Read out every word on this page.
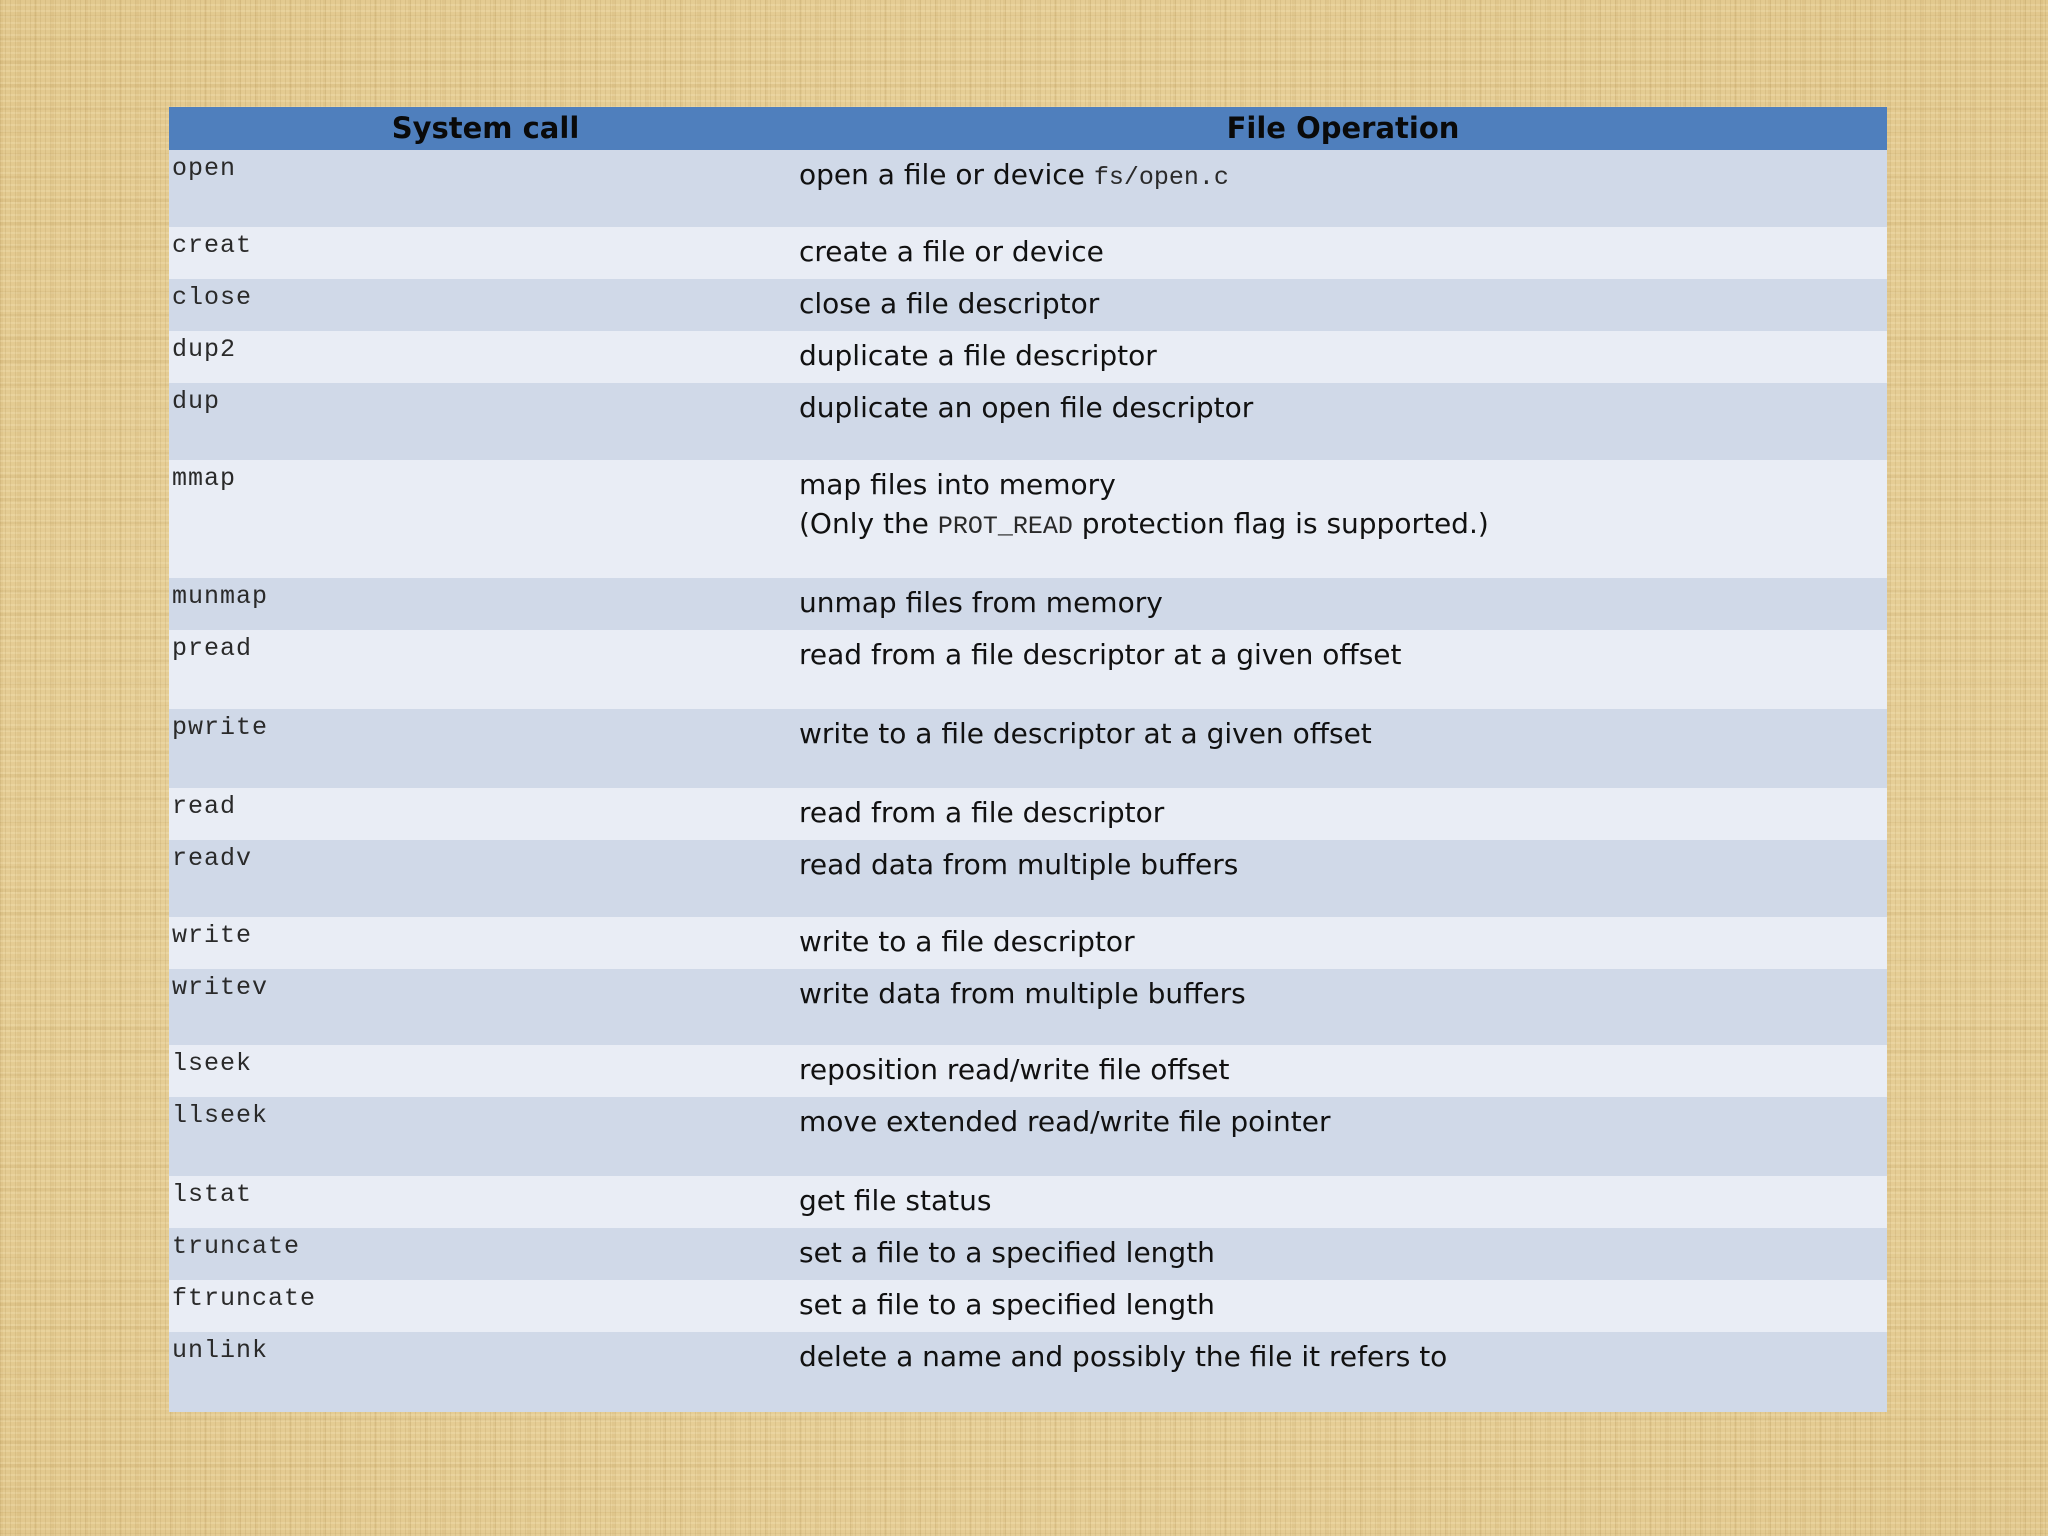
System call	File Operation
open	open a file or device fs/open.c
creat	create a file or device
close	close a file descriptor
dup2	duplicate a file descriptor
dup	duplicate an open file descriptor
mmap	map files into memory
(Only the PROT_READ protection flag is supported.)
munmap	unmap files from memory
pread	read from a file descriptor at a given offset
pwrite	write to a file descriptor at a given offset
read	read from a file descriptor
readv	read data from multiple buffers
write	write to a file descriptor
writev	write data from multiple buffers
lseek	reposition read/write file offset
llseek	move extended read/write file pointer
lstat	get file status
truncate	set a file to a specified length
ftruncate	set a file to a specified length
unlink	delete a name and possibly the file it refers to
